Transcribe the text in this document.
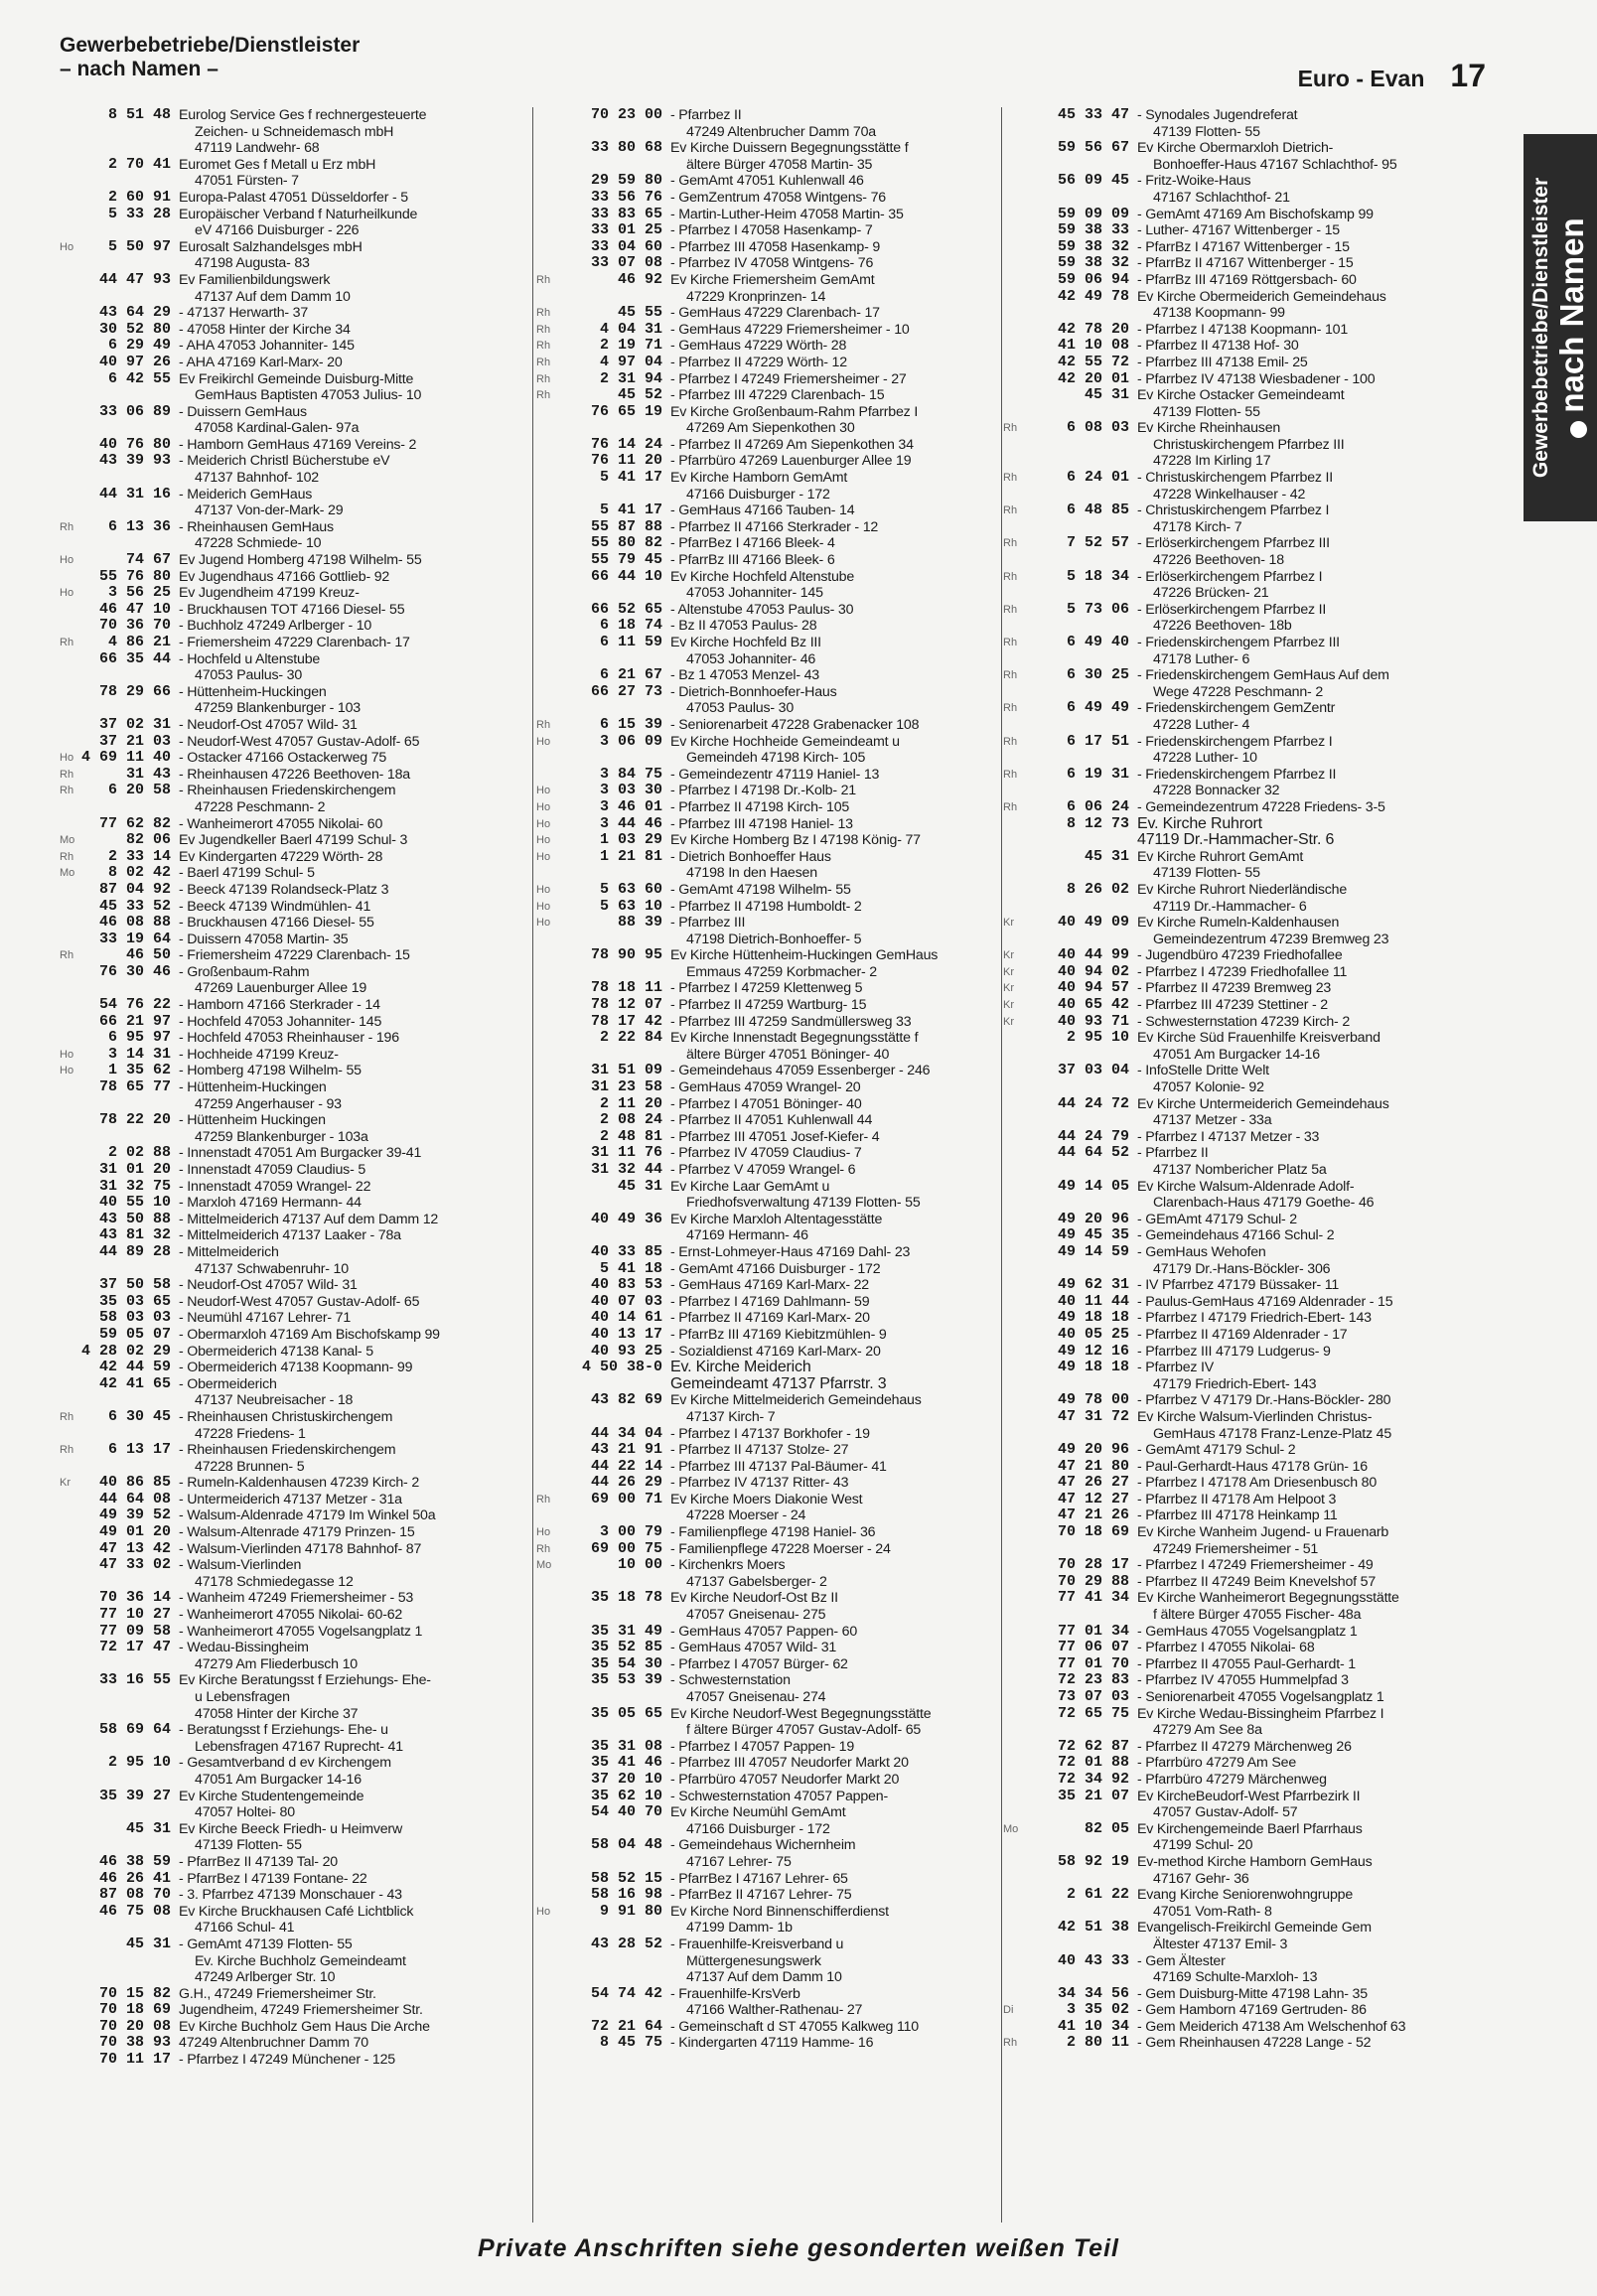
Gewerbebetriebe/Dienstleister
– nach Namen –	Euro - Evan 17
Gewerbebetriebe/Dienstleister nach Namen
8 51 48 Eurolog Service Ges f rechnergesteuerte
Zeichen- u Schneidemasch mbH
47119 Landwehr- 68
2 70 41 Euromet Ges f Metall u Erz mbH
47051 Fürsten- 7
2 60 91 Europa-Palast 47051 Düsseldorfer - 5
5 33 28 Europäischer Verband f Naturheilkunde
eV 47166 Duisburger - 226
Ho	5 50 97 Eurosalt Salzhandelsges mbH
47198 Augusta- 83
44 47 93 Ev Familienbildungswerk
47137 Auf dem Damm 10
43 64 29 - 47137 Herwarth- 37
30 52 80 - 47058 Hinter der Kirche 34
6 29 49 - AHA 47053 Johanniter- 145
40 97 26 - AHA 47169 Karl-Marx- 20
6 42 55 Ev Freikirchl Gemeinde Duisburg-Mitte
GemHaus Baptisten 47053 Julius- 10
33 06 89 - Duissern GemHaus
47058 Kardinal-Galen- 97a
40 76 80 - Hamborn GemHaus 47169 Vereins- 2
43 39 93 - Meiderich Christl Bücherstube eV
47137 Bahnhof- 102
44 31 16 - Meiderich GemHaus
47137 Von-der-Mark- 29
Rh	6 13 36 - Rheinhausen GemHaus
47228 Schmiede- 10
Ho	74 67 Ev Jugend Homberg 47198 Wilhelm- 55
55 76 80 Ev Jugendhaus 47166 Gottlieb- 92
Ho	3 56 25 Ev Jugendheim 47199 Kreuz-
46 47 10 - Bruckhausen TOT 47166 Diesel- 55
70 36 70 - Buchholz 47249 Arlberger - 10
Rh	4 86 21 - Friemersheim 47229 Clarenbach- 17
66 35 44 - Hochfeld u Altenstube
47053 Paulus- 30
78 29 66 - Hüttenheim-Huckingen
47259 Blankenburger - 103
37 02 31 - Neudorf-Ost 47057 Wild- 31
37 21 03 - Neudorf-West 47057 Gustav-Adolf- 65
Ho 4 69 11 40 - Ostacker 47166 Ostackerweg 75
Rh	31 43 - Rheinhausen 47226 Beethoven- 18a
Rh	6 20 58 - Rheinhausen Friedenskirchengem
47228 Peschmann- 2
77 62 82 - Wanheimerort 47055 Nikolai- 60
Mo	82 06 Ev Jugendkeller Baerl 47199 Schul- 3
Rh	2 33 14 Ev Kindergarten 47229 Wörth- 28
Mo	8 02 42 - Baerl 47199 Schul- 5
87 04 92 - Beeck 47139 Rolandseck-Platz 3
45 33 52 - Beeck 47139 Windmühlen- 41
46 08 88 - Bruckhausen 47166 Diesel- 55
33 19 64 - Duissern 47058 Martin- 35
Rh	46 50 - Friemersheim 47229 Clarenbach- 15
76 30 46 - Großenbaum-Rahm
47269 Lauenburger Allee 19
54 76 22 - Hamborn 47166 Sterkrader - 14
66 21 97 - Hochfeld 47053 Johanniter- 145
6 95 97 - Hochfeld 47053 Rheinhauser - 196
Ho	3 14 31 - Hochheide 47199 Kreuz-
Ho	1 35 62 - Homberg 47198 Wilhelm- 55
78 65 77 - Hüttenheim-Huckingen
47259 Angerhauser - 93
78 22 20 - Hüttenheim Huckingen
47259 Blankenburger - 103a
2 02 88 - Innenstadt 47051 Am Burgacker 39-41
31 01 20 - Innenstadt 47059 Claudius- 5
31 32 75 - Innenstadt 47059 Wrangel- 22
40 55 10 - Marxloh 47169 Hermann- 44
43 50 88 - Mittelmeiderich 47137 Auf dem Damm 12
43 81 32 - Mittelmeiderich 47137 Laaker - 78a
44 89 28 - Mittelmeiderich
47137 Schwabenruhr- 10
37 50 58 - Neudorf-Ost 47057 Wild- 31
35 03 65 - Neudorf-West 47057 Gustav-Adolf- 65
58 03 03 - Neumühl 47167 Lehrer- 71
59 05 07 - Obermarxloh 47169 Am Bischofskamp 99
4 28 02 29 - Obermeiderich 47138 Kanal- 5
42 44 59 - Obermeiderich 47138 Koopmann- 99
42 41 65 - Obermeiderich
47137 Neubreisacher - 18
Rh	6 30 45 - Rheinhausen Christuskirchengem
47228 Friedens- 1
Rh	6 13 17 - Rheinhausen Friedenskirchengem
47228 Brunnen- 5
Kr	40 86 85 - Rumeln-Kaldenhausen 47239 Kirch- 2
44 64 08 - Untermeiderich 47137 Metzer - 31a
49 39 52 - Walsum-Aldenrade 47179 Im Winkel 50a
49 01 20 - Walsum-Altenrade 47179 Prinzen- 15
47 13 42 - Walsum-Vierlinden 47178 Bahnhof- 87
47 33 02 - Walsum-Vierlinden
47178 Schmiedegasse 12
70 36 14 - Wanheim 47249 Friemersheimer - 53
77 10 27 - Wanheimerort 47055 Nikolai- 60-62
77 09 58 - Wanheimerort 47055 Vogelsangplatz 1
72 17 47 - Wedau-Bissingheim
47279 Am Fliederbusch 10
33 16 55 Ev Kirche Beratungsst f Erziehungs- Ehe-
u Lebensfragen
47058 Hinter der Kirche 37
58 69 64 - Beratungsst f Erziehungs- Ehe- u
Lebensfragen 47167 Ruprecht- 41
2 95 10 - Gesamtverband d ev Kirchengem
47051 Am Burgacker 14-16
35 39 27 Ev Kirche Studentengemeinde
47057 Holtei- 80
45 31 Ev Kirche Beeck Friedh- u Heimverw
47139 Flotten- 55
46 38 59 - PfarrBez II 47139 Tal- 20
46 26 41 - PfarrBez I 47139 Fontane- 22
87 08 70 - 3. Pfarrbez 47139 Monschauer - 43
46 75 08 Ev Kirche Bruckhausen Café Lichtblick
47166 Schul- 41
45 31 - GemAmt 47139 Flotten- 55
Ev. Kirche Buchholz Gemeindeamt
47249 Arlberger Str. 10
70 15 82 G.H., 47249 Friemersheimer Str.
70 18 69 Jugendheim, 47249 Friemersheimer Str.
70 20 08 Ev Kirche Buchholz Gem Haus Die Arche
70 38 93 47249 Altenbruchner Damm 70
70 11 17 - Pfarrbez I 47249 Münchener - 125
70 23 00 - Pfarrbez II
47249 Altenbrucher Damm 70a
33 80 68 Ev Kirche Duissern Begegnungsstätte f
ältere Bürger 47058 Martin- 35
29 59 80 - GemAmt 47051 Kuhlenwall 46
33 56 76 - GemZentrum 47058 Wintgens- 76
33 83 65 - Martin-Luther-Heim 47058 Martin- 35
33 01 25 - Pfarrbez I 47058 Hasenkamp- 7
33 04 60 - Pfarrbez III 47058 Hasenkamp- 9
33 07 08 - Pfarrbez IV 47058 Wintgens- 76
Rh	46 92 Ev Kirche Friemersheim GemAmt
47229 Kronprinzen- 14
Rh	45 55 - GemHaus 47229 Clarenbach- 17
Rh	4 04 31 - GemHaus 47229 Friemersheimer - 10
Rh	2 19 71 - GemHaus 47229 Wörth- 28
Rh	4 97 04 - Pfarrbez II 47229 Wörth- 12
Rh	2 31 94 - Pfarrbez I 47249 Friemersheimer - 27
Rh	45 52 - Pfarrbez III 47229 Clarenbach- 15
76 65 19 Ev Kirche Großenbaum-Rahm Pfarrbez I
47269 Am Siepenkothen 30
76 14 24 - Pfarrbez II 47269 Am Siepenkothen 34
76 11 20 - Pfarrbüro 47269 Lauenburger Allee 19
5 41 17 Ev Kirche Hamborn GemAmt
47166 Duisburger - 172
5 41 17 - GemHaus 47166 Tauben- 14
55 87 88 - Pfarrbez II 47166 Sterkrader - 12
55 80 82 - PfarrBez I 47166 Bleek- 4
55 79 45 - PfarrBz III 47166 Bleek- 6
66 44 10 Ev Kirche Hochfeld Altenstube
47053 Johanniter- 145
66 52 65 - Altenstube 47053 Paulus- 30
6 18 74 - Bz II 47053 Paulus- 28
6 11 59 Ev Kirche Hochfeld Bz III
47053 Johanniter- 46
6 21 67 - Bz 1 47053 Menzel- 43
66 27 73 - Dietrich-Bonnhoefer-Haus
47053 Paulus- 30
Rh	6 15 39 - Seniorenarbeit 47228 Grabenacker 108
Ho	3 06 09 Ev Kirche Hochheide Gemeindeamt u
Gemeindeh 47198 Kirch- 105
3 84 75 - Gemeindezentr 47119 Haniel- 13
Ho	3 03 30 - Pfarrbez I 47198 Dr.-Kolb- 21
Ho	3 46 01 - Pfarrbez II 47198 Kirch- 105
Ho	3 44 46 - Pfarrbez III 47198 Haniel- 13
Ho	1 03 29 Ev Kirche Homberg Bz I 47198 König- 77
Ho	1 21 81 - Dietrich Bonhoeffer Haus
47198 In den Haesen
Ho	5 63 60 - GemAmt 47198 Wilhelm- 55
Ho	5 63 10 - Pfarrbez II 47198 Humboldt- 2
Ho	88 39 - Pfarrbez III
47198 Dietrich-Bonhoeffer- 5
78 90 95 Ev Kirche Hüttenheim-Huckingen GemHaus
Emmaus 47259 Korbmacher- 2
78 18 11 - Pfarrbez I 47259 Klettenweg 5
78 12 07 - Pfarrbez II 47259 Wartburg- 15
78 17 42 - Pfarrbez III 47259 Sandmüllersweg 33
2 22 84 Ev Kirche Innenstadt Begegnungsstätte f
ältere Bürger 47051 Böninger- 40
31 51 09 - Gemeindehaus 47059 Essenberger - 246
31 23 58 - GemHaus 47059 Wrangel- 20
2 11 20 - Pfarrbez I 47051 Böninger- 40
2 08 24 - Pfarrbez II 47051 Kuhlenwall 44
2 48 81 - Pfarrbez III 47051 Josef-Kiefer- 4
31 11 76 - Pfarrbez IV 47059 Claudius- 7
31 32 44 - Pfarrbez V 47059 Wrangel- 6
45 31 Ev Kirche Laar GemAmt u
Friedhofsverwaltung 47139 Flotten- 55
40 49 36 Ev Kirche Marxloh Altentagesstätte
47169 Hermann- 46
40 33 85 - Ernst-Lohmeyer-Haus 47169 Dahl- 23
5 41 18 - GemAmt 47166 Duisburger - 172
40 83 53 - GemHaus 47169 Karl-Marx- 22
40 07 03 - Pfarrbez I 47169 Dahlmann- 59
40 14 61 - Pfarrbez II 47169 Karl-Marx- 20
40 13 17 - PfarrBz III 47169 Kiebitzmühlen- 9
40 93 25 - Sozialdienst 47169 Karl-Marx- 20
4 50 38-0 Ev. Kirche Meiderich
Gemeindeamt 47137 Pfarrstr. 3
43 82 69 Ev Kirche Mittelmeiderich Gemeindehaus
47137 Kirch- 7
44 34 04 - Pfarrbez I 47137 Borkhofer - 19
43 21 91 - Pfarrbez II 47137 Stolze- 27
44 22 14 - Pfarrbez III 47137 Pal-Bäumer- 41
44 26 29 - Pfarrbez IV 47137 Ritter- 43
Rh	69 00 71 Ev Kirche Moers Diakonie West
47228 Moerser - 24
Ho	3 00 79 - Familienpflege 47198 Haniel- 36
Rh	69 00 75 - Familienpflege 47228 Moerser - 24
Mo	10 00 - Kirchenkrs Moers
47137 Gabelsberger- 2
35 18 78 Ev Kirche Neudorf-Ost Bz II
47057 Gneisenau- 275
35 31 49 - GemHaus 47057 Pappen- 60
35 52 85 - GemHaus 47057 Wild- 31
35 54 30 - Pfarrbez I 47057 Bürger- 62
35 53 39 - Schwesternstation
47057 Gneisenau- 274
35 05 65 Ev Kirche Neudorf-West Begegnungsstätte
f ältere Bürger 47057 Gustav-Adolf- 65
35 31 08 - Pfarrbez I 47057 Pappen- 19
35 41 46 - Pfarrbez III 47057 Neudorfer Markt 20
37 20 10 - Pfarrbüro 47057 Neudorfer Markt 20
35 62 10 - Schwesternstation 47057 Pappen-
54 40 70 Ev Kirche Neumühl GemAmt
47166 Duisburger - 172
58 04 48 - Gemeindehaus Wichernheim
47167 Lehrer- 75
58 52 15 - PfarrBez I 47167 Lehrer- 65
58 16 98 - PfarrBez II 47167 Lehrer- 75
Ho	9 91 80 Ev Kirche Nord Binnenschifferdienst
47199 Damm- 1b
43 28 52 - Frauenhilfe-Kreisverband u
Müttergenesungswerk
47137 Auf dem Damm 10
54 74 42 - Frauenhilfe-KrsVerb
47166 Walther-Rathenau- 27
72 21 64 - Gemeinschaft d ST 47055 Kalkweg 110
8 45 75 - Kindergarten 47119 Hamme- 16
45 33 47 - Synodales Jugendreferat
47139 Flotten- 55
59 56 67 Ev Kirche Obermarxloh Dietrich-
Bonhoeffer-Haus 47167 Schlachthof- 95
56 09 45 - Fritz-Woike-Haus
47167 Schlachthof- 21
59 09 09 - GemAmt 47169 Am Bischofskamp 99
59 38 33 - Luther- 47167 Wittenberger - 15
59 38 32 - PfarrBz I 47167 Wittenberger - 15
59 38 32 - PfarrBz II 47167 Wittenberger - 15
59 06 94 - PfarrBz III 47169 Röttgersbach- 60
42 49 78 Ev Kirche Obermeiderich Gemeindehaus
47138 Koopmann- 99
42 78 20 - Pfarrbez I 47138 Koopmann- 101
41 10 08 - Pfarrbez II 47138 Hof- 30
42 55 72 - Pfarrbez III 47138 Emil- 25
42 20 01 - Pfarrbez IV 47138 Wiesbadener - 100
45 31 Ev Kirche Ostacker Gemeindeamt
47139 Flotten- 55
Rh	6 08 03 Ev Kirche Rheinhausen
Christuskirchengem Pfarrbez III
47228 Im Kirling 17
Rh	6 24 01 - Christuskirchengem Pfarrbez II
47228 Winkelhauser - 42
Rh	6 48 85 - Christuskirchengem Pfarrbez I
47178 Kirch- 7
Rh	7 52 57 - Erlöserkirchengem Pfarrbez III
47226 Beethoven- 18
Rh	5 18 34 - Erlöserkirchengem Pfarrbez I
47226 Brücken- 21
Rh	5 73 06 - Erlöserkirchengem Pfarrbez II
47226 Beethoven- 18b
Rh	6 49 40 - Friedenskirchengem Pfarrbez III
47178 Luther- 6
Rh	6 30 25 - Friedenskirchengem GemHaus Auf dem
Wege 47228 Peschmann- 2
Rh	6 49 49 - Friedenskirchengem GemZentr
47228 Luther- 4
Rh	6 17 51 - Friedenskirchengem Pfarrbez I
47228 Luther- 10
Rh	6 19 31 - Friedenskirchengem Pfarrbez II
47228 Bonnacker 32
Rh	6 06 24 - Gemeindezentrum 47228 Friedens- 3-5
8 12 73 Ev. Kirche Ruhrort
47119 Dr.-Hammacher-Str. 6
45 31 Ev Kirche Ruhrort GemAmt
47139 Flotten- 55
8 26 02 Ev Kirche Ruhrort Niederländische
47119 Dr.-Hammacher- 6
Kr	40 49 09 Ev Kirche Rumeln-Kaldenhausen
Gemeindezentrum 47239 Bremweg 23
Kr	40 44 99 - Jugendbüro 47239 Friedhofallee
Kr	40 94 02 - Pfarrbez I 47239 Friedhofallee 11
Kr	40 94 57 - Pfarrbez II 47239 Bremweg 23
Kr	40 65 42 - Pfarrbez III 47239 Stettiner - 2
Kr	40 93 71 - Schwesternstation 47239 Kirch- 2
2 95 10 Ev Kirche Süd Frauenhilfe Kreisverband
47051 Am Burgacker 14-16
37 03 04 - InfoStelle Dritte Welt
47057 Kolonie- 92
44 24 72 Ev Kirche Untermeiderich Gemeindehaus
47137 Metzer - 33a
44 24 79 - Pfarrbez I 47137 Metzer - 33
44 64 52 - Pfarrbez II
47137 Nombericher Platz 5a
49 14 05 Ev Kirche Walsum-Aldenrade Adolf-
Clarenbach-Haus 47179 Goethe- 46
49 20 96 - GEmAmt 47179 Schul- 2
49 45 35 - Gemeindehaus 47166 Schul- 2
49 14 59 - GemHaus Wehofen
47179 Dr.-Hans-Böckler- 306
49 62 31 - IV Pfarrbez 47179 Büssaker- 11
40 11 44 - Paulus-GemHaus 47169 Aldenrader - 15
49 18 18 - Pfarrbez I 47179 Friedrich-Ebert- 143
40 05 25 - Pfarrbez II 47169 Aldenrader - 17
49 12 16 - Pfarrbez III 47179 Ludgerus- 9
49 18 18 - Pfarrbez IV
47179 Friedrich-Ebert- 143
49 78 00 - Pfarrbez V 47179 Dr.-Hans-Böckler- 280
47 31 72 Ev Kirche Walsum-Vierlinden Christus-
GemHaus 47178 Franz-Lenze-Platz 45
49 20 96 - GemAmt 47179 Schul- 2
47 21 80 - Paul-Gerhardt-Haus 47178 Grün- 16
47 26 27 - Pfarrbez I 47178 Am Driesenbusch 80
47 12 27 - Pfarrbez II 47178 Am Helpoot 3
47 21 26 - Pfarrbez III 47178 Heinkamp 11
70 18 69 Ev Kirche Wanheim Jugend- u Frauenarb
47249 Friemersheimer - 51
70 28 17 - Pfarrbez I 47249 Friemersheimer - 49
70 29 88 - Pfarrbez II 47249 Beim Knevelshof 57
77 41 34 Ev Kirche Wanheimerort Begegnungsstätte
f ältere Bürger 47055 Fischer- 48a
77 01 34 - GemHaus 47055 Vogelsangplatz 1
77 06 07 - Pfarrbez I 47055 Nikolai- 68
77 01 70 - Pfarrbez II 47055 Paul-Gerhardt- 1
72 23 83 - Pfarrbez IV 47055 Hummelpfad 3
73 07 03 - Seniorenarbeit 47055 Vogelsangplatz 1
72 65 75 Ev Kirche Wedau-Bissingheim Pfarrbez I
47279 Am See 8a
72 62 87 - Pfarrbez II 47279 Märchenweg 26
72 01 88 - Pfarrbüro 47279 Am See
72 34 92 - Pfarrbüro 47279 Märchenweg
35 21 07 Ev KircheBeudorf-West Pfarrbezirk II
47057 Gustav-Adolf- 57
Mo	82 05 Ev Kirchengemeinde Baerl Pfarrhaus
47199 Schul- 20
58 92 19 Ev-method Kirche Hamborn GemHaus
47167 Gehr- 36
2 61 22 Evang Kirche Seniorenwohngruppe
47051 Vom-Rath- 8
42 51 38 Evangelisch-Freikirchl Gemeinde Gem
Ältester 47137 Emil- 3
40 43 33 - Gem Ältester
47169 Schulte-Marxloh- 13
34 34 56 - Gem Duisburg-Mitte 47198 Lahn- 35
Di	3 35 02 - Gem Hamborn 47169 Gertruden- 86
41 10 34 - Gem Meiderich 47138 Am Welschenhof 63
Rh	2 80 11 - Gem Rheinhausen 47228 Lange - 52
Private Anschriften siehe gesonderten weißen Teil
